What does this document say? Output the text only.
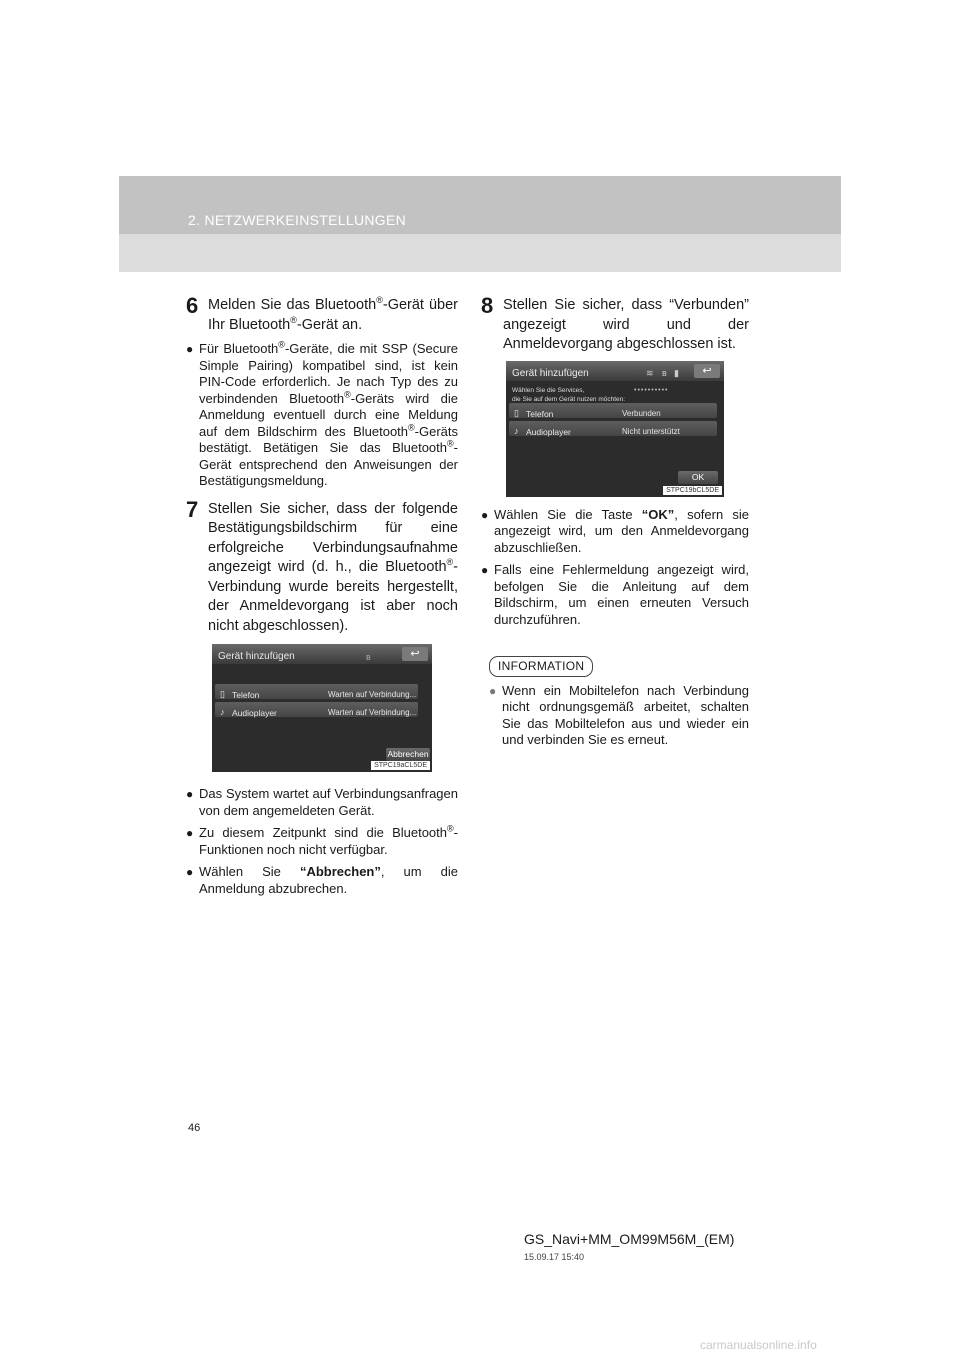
2. NETZWERKEINSTELLUNGEN
6 Melden Sie das Bluetooth®-Gerät über Ihr Bluetooth®-Gerät an.
● Für Bluetooth®-Geräte, die mit SSP (Secure Simple Pairing) kompatibel sind, ist kein PIN-Code erforderlich. Je nach Typ des zu verbindenden Bluetooth®-Geräts wird die Anmeldung eventuell durch eine Meldung auf dem Bildschirm des Bluetooth®-Geräts bestätigt. Betätigen Sie das Bluetooth®-Gerät entsprechend den Anweisungen der Bestätigungsmeldung.
7 Stellen Sie sicher, dass der folgende Bestätigungsbildschirm für eine erfolgreiche Verbindungsaufnahme angezeigt wird (d. h., die Bluetooth®-Verbindung wurde bereits hergestellt, der Anmeldevorgang ist aber noch nicht abgeschlossen).
Gerät hinzufügen	ʙ	↩
▯ Telefon	Warten auf Verbindung...
♪ Audioplayer	Warten auf Verbindung...
Abbrechen
STPC19aCL5DE
● Das System wartet auf Verbindungsanfragen von dem angemeldeten Gerät.
● Zu diesem Zeitpunkt sind die Bluetooth®-Funktionen noch nicht verfügbar.
● Wählen Sie “Abbrechen”, um die Anmeldung abzubrechen.
8 Stellen Sie sicher, dass “Verbunden” angezeigt wird und der Anmeldevorgang abgeschlossen ist.
Gerät hinzufügen	≋ ʙ ▮	↩
Wählen Sie die Services,
die Sie auf dem Gerät nutzen möchten:
••••••••••
▯ Telefon	Verbunden
♪ Audioplayer	Nicht unterstützt
OK
STPC19bCL5DE
● Wählen Sie die Taste “OK”, sofern sie angezeigt wird, um den Anmeldevorgang abzuschließen.
● Falls eine Fehlermeldung angezeigt wird, befolgen Sie die Anleitung auf dem Bildschirm, um einen erneuten Versuch durchzuführen.
INFORMATION
● Wenn ein Mobiltelefon nach Verbindung nicht ordnungsgemäß arbeitet, schalten Sie das Mobiltelefon aus und wieder ein und verbinden Sie es erneut.
46
GS_Navi+MM_OM99M56M_(EM)
15.09.17 15:40
carmanualsonline.info
